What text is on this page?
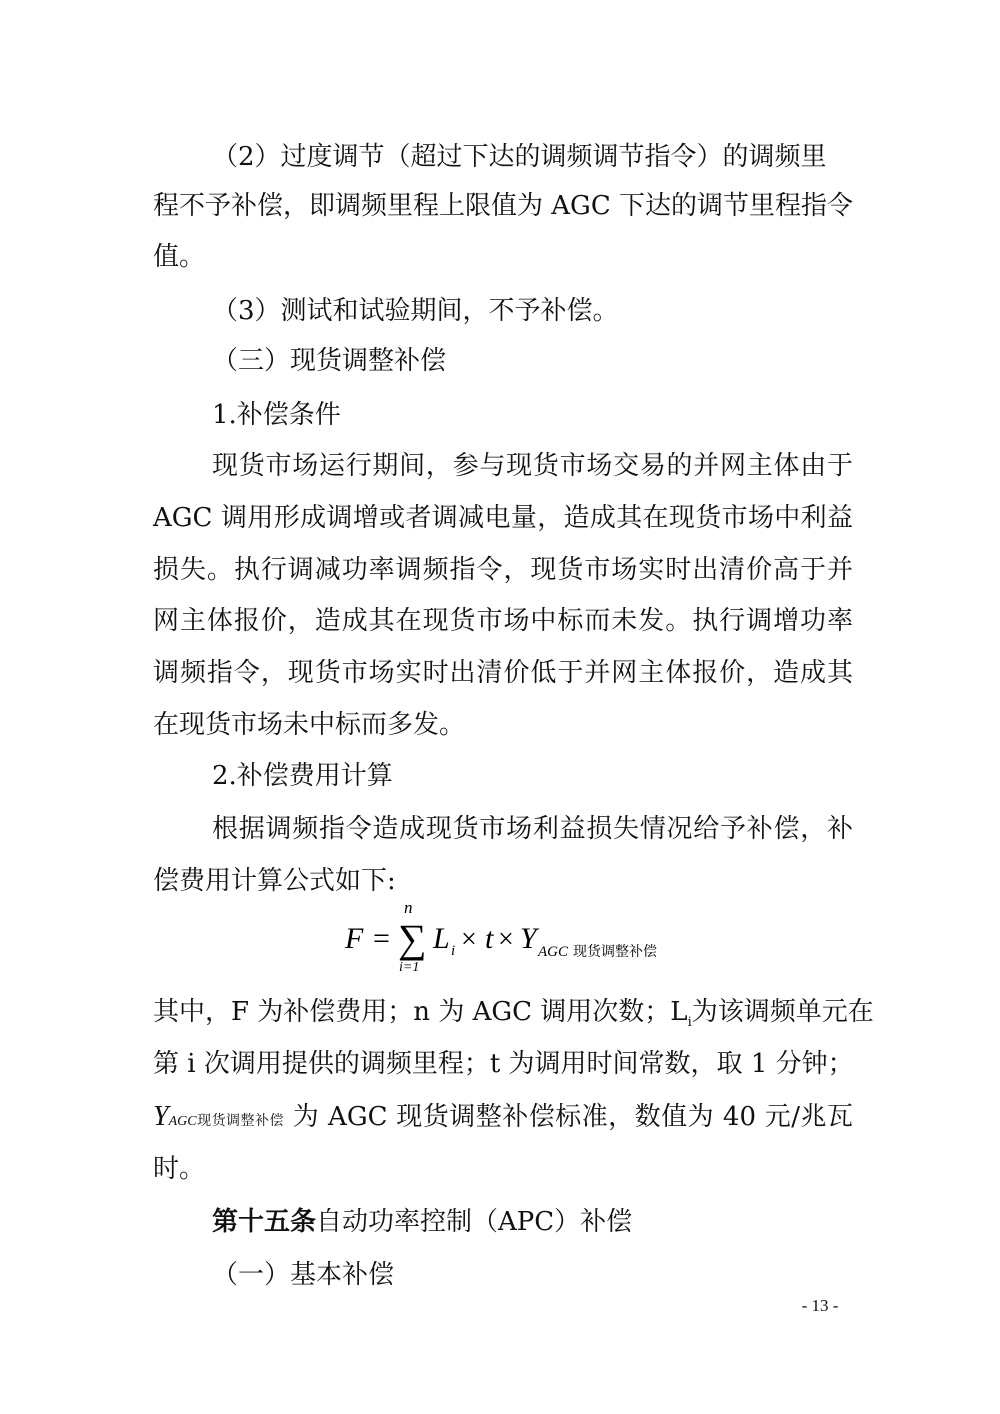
（2）过度调节（超过下达的调频调节指令）的调频里
程不予补偿，即调频里程上限值为 AGC 下达的调节里程指令
值。
（3）测试和试验期间，不予补偿。
（三）现货调整补偿
1.补偿条件
现货市场运行期间，参与现货市场交易的并网主体由于
AGC 调用形成调增或者调减电量，造成其在现货市场中利益
损失。执行调减功率调频指令，现货市场实时出清价高于并
网主体报价，造成其在现货市场中标而未发。执行调增功率
调频指令，现货市场实时出清价低于并网主体报价，造成其
在现货市场未中标而多发。
2.补偿费用计算
根据调频指令造成现货市场利益损失情况给予补偿，补
偿费用计算公式如下:
F =
n
∑
i=1
L i × t × Y AGC 现货调整补偿
其中，F 为补偿费用；n 为 AGC 调用次数；$L_i$为该调频单元在
第 i 次调用提供的调频里程；t 为调用时间常数，取 1 分钟；
YAGC现货调整补偿 为 AGC 现货调整补偿标准，数值为 40 元/兆瓦
时。
第十五条自动功率控制（APC）补偿
（一）基本补偿
- 13 -
